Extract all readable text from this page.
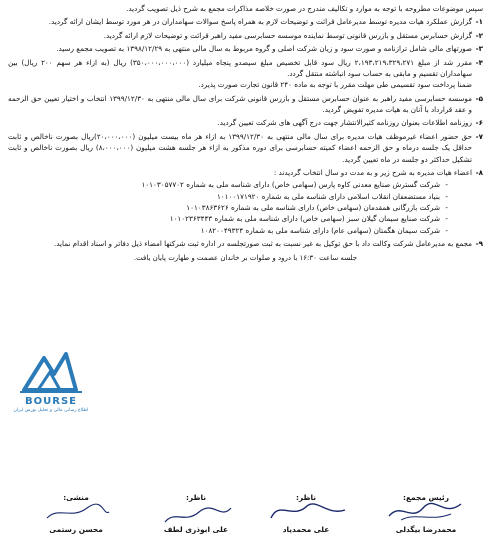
سپس موضوعات مطروحه با توجه به موارد و تکالیف مندرج در صورت خلاصه مذاکرات مجمع به شرح ذیل تصویب گردید.

۱-
گزارش عملکرد هیات مدیره توسط مدیرعامل قرائت و توضیحات لازم به همراه پاسخ سوالات سهامداران در هر مورد توسط ایشان ارائه گردید.
۲-
گزارش حسابرس مستقل و بازرس قانونی توسط نماینده موسسه حسابرسی مفید راهبر قرائت و توضیحات لازم ارائه گردید.
۳-
صورتهای مالی شامل ترازنامه و صورت سود و زیان شرکت اصلی و گروه مربوط به سال مالی منتهی به ۱۳۹۸/۱۲/۲۹ به تصویب مجمع رسید.
۴-
مقرر شد از مبلغ ۲،۱۹۳،۲۱۹،۳۲۹،۲۷۱ ریال سود قابل تخصیص مبلغ سیصدو پنجاه میلیارد (۳۵۰،۰۰۰،۰۰۰،۰۰۰) ریال (به ازاء هر سهم ۲۰۰ ریال) بین سهامداران تقسیم و مابقی به حساب سود انباشته منتقل گردد.
ضمنا پرداخت سود تقسیمی طی مهلت مقرر با توجه به ماده ۲۴۰ قانون تجارت صورت پذیرد.
۵-
موسسه حسابرسی مفید راهبر به عنوان حسابرس مستقل و بازرس قانونی شرکت برای سال مالی منتهی به ۱۳۹۹/۱۲/۳۰ انتخاب و اختیار تعیین حق الزحمه و عقد قرارداد با آنان به هیات مدیره تفویض گردید.
۶-
روزنامه اطلاعات بعنوان روزنامه کثیرالانتشار جهت درج آگهی های شرکت تعیین گردید.
۷-
حق حضور اعضاء غیرموظف هیات مدیره برای سال مالی منتهی به ۱۳۹۹/۱۲/۳۰ به ازاء هر ماه بیست میلیون (۲۰،۰۰۰،۰۰۰)ریال بصورت ناخالص و ثابت حداقل یک جلسه درماه و حق الزحمه اعضاء کمیته حسابرسی برای دوره مذکور به ازاء هر جلسه هشت میلیون (۸،۰۰۰،۰۰۰) ریال بصورت ناخالص و ثابت تشکیل حداکثر دو جلسه در ماه تعیین گردید.
۸-
اعضاء هیات مدیره به شرح زیر و به مدت دو سال انتخاب گردیدند :
- شرکت گسترش صنایع معدنی کاوه پارس (سهامی خاص) دارای شناسه ملی به شماره ۱۰۱۰۳۰۵۷۷۰۲
- بنیاد مستضعفان انقلاب اسلامی دارای شناسه ملی به شماره ۱۰۱۰۰۱۷۱۹۲۰
- شرکت بازرگانی همقدمان (سهامی خاص) دارای شناسه ملی به شماره ۱۰۱۰۳۸۶۳۶۲۶
- شرکت صنایع سیمان گیلان سبز (سهامی خاص) دارای شناسه ملی به شماره ۱۰۱۰۲۳۶۳۴۴۳
- شرکت سیمان هگمتان (سهامی عام) دارای شناسه ملی به شماره ۱۰۸۲۰۰۴۹۳۲۴
۹-
مجمع به مدیرعامل شرکت وکالت داد با حق توکیل به غیر نسبت به ثبت صورتجلسه در اداره ثبت شرکتها امضاء ذیل دفاتر و اسناد اقدام نماید.

جلسه ساعت ۱۶:۳۰ با درود و صلوات بر خاندان عصمت و طهارت پایان یافت.

BOURSE
اطلاع رسانی مالی و تحلیل بورس ایران
رئیس مجمع:
محمدرضا بیگدلی
ناظر:
علی محمدیاد
ناظر:
علی ابوذری لطف
منشی:
محسن رستمی
